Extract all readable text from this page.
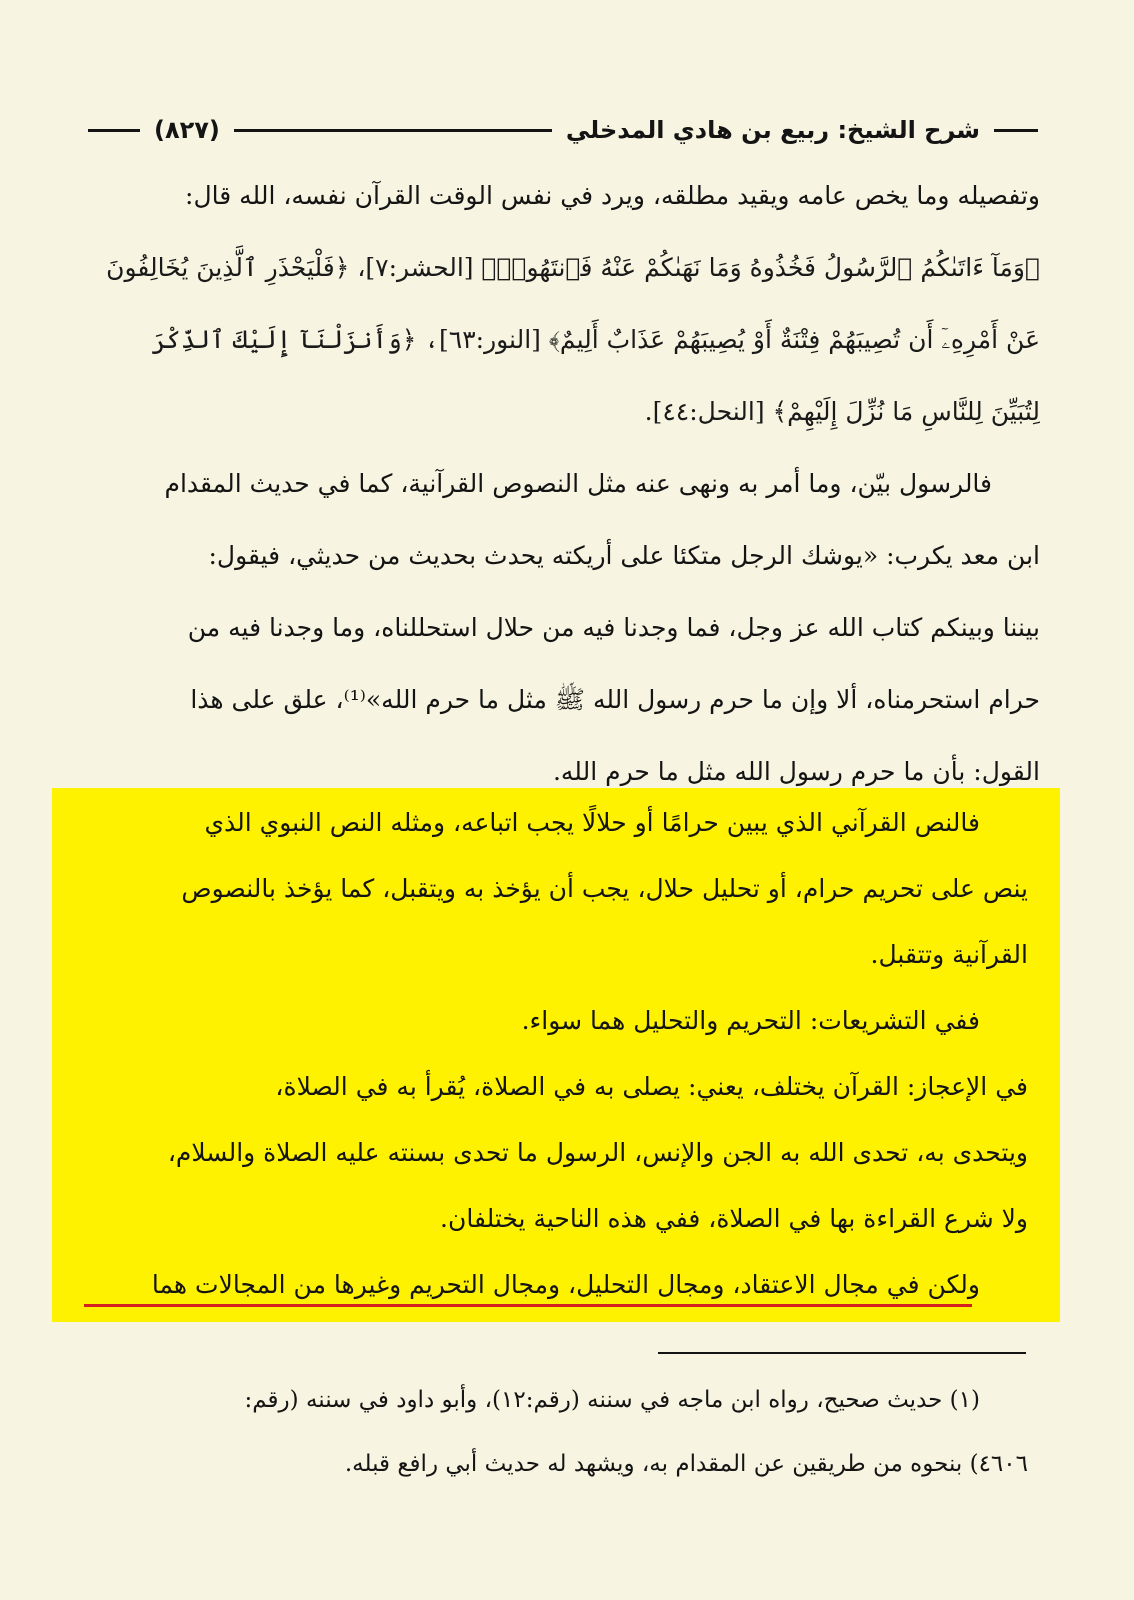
شرح الشيخ: ربيع بن هادي المدخلي
(٨٢٧)
وتفصيله وما يخص عامه ويقيد مطلقه، ويرد في نفس الوقت القرآن نفسه، الله قال:
﴿وَمَآ ءَاتَىٰكُمُ ٱلرَّسُولُ فَخُذُوهُ وَمَا نَهَىٰكُمْ عَنْهُ فَٱنتَهُوا۟﴾ [الحشر:٧]، ﴿فَلْيَحْذَرِ ٱلَّذِينَ يُخَالِفُونَ
عَنْ أَمْرِهِۦٓ أَن تُصِيبَهُمْ فِتْنَةٌ أَوْ يُصِيبَهُمْ عَذَابٌ أَلِيمٌ﴾ [النور:٦٣]، ﴿وَأَنزَلْنَآ إِلَيْكَ ٱلذِّكْرَ
لِتُبَيِّنَ لِلنَّاسِ مَا نُزِّلَ إِلَيْهِمْ﴾ [النحل:٤٤].
فالرسول بيّن، وما أمر به ونهى عنه مثل النصوص القرآنية، كما في حديث المقدام
ابن معد يكرب: «يوشك الرجل متكئا على أريكته يحدث بحديث من حديثي، فيقول:
بيننا وبينكم كتاب الله عز وجل، فما وجدنا فيه من حلال استحللناه، وما وجدنا فيه من
حرام استحرمناه، ألا وإن ما حرم رسول الله ﷺ مثل ما حرم الله»⁽¹⁾، علق على هذا
القول: بأن ما حرم رسول الله مثل ما حرم الله.
فالنص القرآني الذي يبين حرامًا أو حلالًا يجب اتباعه، ومثله النص النبوي الذي
ينص على تحريم حرام، أو تحليل حلال، يجب أن يؤخذ به ويتقبل، كما يؤخذ بالنصوص
القرآنية وتتقبل.
ففي التشريعات: التحريم والتحليل هما سواء.
في الإعجاز: القرآن يختلف، يعني: يصلى به في الصلاة، يُقرأ به في الصلاة،
ويتحدى به، تحدى الله به الجن والإنس، الرسول ما تحدى بسنته عليه الصلاة والسلام،
ولا شرع القراءة بها في الصلاة، ففي هذه الناحية يختلفان.
ولكن في مجال الاعتقاد، ومجال التحليل، ومجال التحريم وغيرها من المجالات هما
(١) حديث صحيح، رواه ابن ماجه في سننه (رقم:١٢)، وأبو داود في سننه (رقم:
٤٦٠٦) بنحوه من طريقين عن المقدام به، ويشهد له حديث أبي رافع قبله.
